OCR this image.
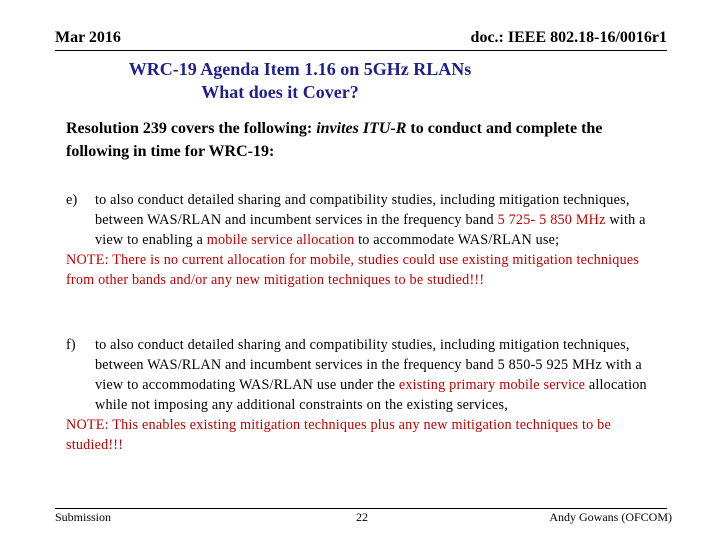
Mar 2016	doc.: IEEE 802.18-16/0016r1
WRC-19 Agenda Item 1.16 on 5GHz RLANs
What does it Cover?
Resolution 239 covers the following: invites ITU-R to conduct and complete the following in time for WRC-19:
e) to also conduct detailed sharing and compatibility studies, including mitigation techniques, between WAS/RLAN and incumbent services in the frequency band 5 725- 5 850 MHz with a view to enabling a mobile service allocation to accommodate WAS/RLAN use;
NOTE: There is no current allocation for mobile, studies could use existing mitigation techniques from other bands and/or any new mitigation techniques to be studied!!!
f) to also conduct detailed sharing and compatibility studies, including mitigation techniques, between WAS/RLAN and incumbent services in the frequency band 5 850-5 925 MHz with a view to accommodating WAS/RLAN use under the existing primary mobile service allocation while not imposing any additional constraints on the existing services,
NOTE: This enables existing mitigation techniques plus any new mitigation techniques to be studied!!!
Submission	22	Andy Gowans (OFCOM)
